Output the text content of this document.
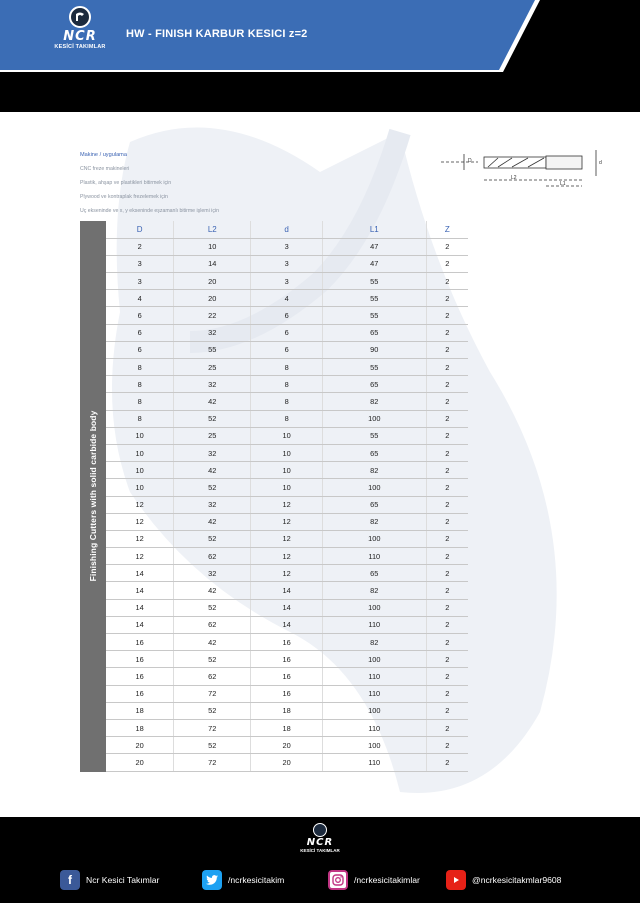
NCR
KESİCİ TAKIMLAR
HW - FINISH KARBUR KESICI z=2
Makine / uygulama
CNC freze makineleri
Plastik, ahşap ve plastikleri bitirmek için
Plywood ve kontraplak frezelemek için
Uç ekseninde ve x, y ekseninde eşzamanlı bitirme işlemi için
D	d
L2
L1
Finishing Cutters with solid carbide body
D	L2	d	L1	Z
2	10	3	47	2
3	14	3	47	2
3	20	3	55	2
4	20	4	55	2
6	22	6	55	2
6	32	6	65	2
6	55	6	90	2
8	25	8	55	2
8	32	8	65	2
8	42	8	82	2
8	52	8	100	2
10	25	10	55	2
10	32	10	65	2
10	42	10	82	2
10	52	10	100	2
12	32	12	65	2
12	42	12	82	2
12	52	12	100	2
12	62	12	110	2
14	32	12	65	2
14	42	14	82	2
14	52	14	100	2
14	62	14	110	2
16	42	16	82	2
16	52	16	100	2
16	62	16	110	2
16	72	16	110	2
18	52	18	100	2
18	72	18	110	2
20	52	20	100	2
20	72	20	110	2
NCR
KESİCİ TAKIMLAR
f	Ncr Kesici Takımlar	/ncrkesicitakim	/ncrkesicitakimlar	@ncrkesicitakmlar9608
